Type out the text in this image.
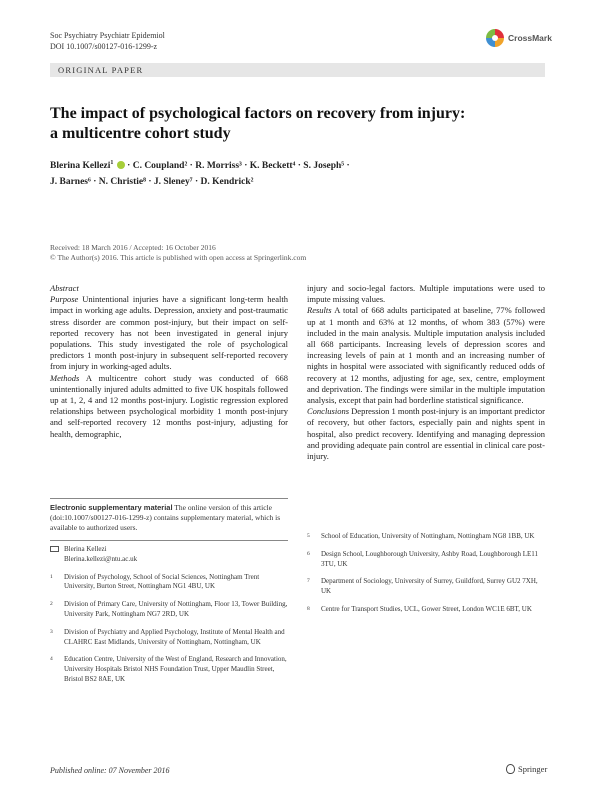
Soc Psychiatry Psychiatr Epidemiol
DOI 10.1007/s00127-016-1299-z
CrossMark
ORIGINAL PAPER
The impact of psychological factors on recovery from injury:
a multicentre cohort study
Blerina Kellezi$^1$  · C. Coupland² · R. Morriss³ · K. Beckett⁴ · S. Joseph⁵ ·
J. Barnes⁶ · N. Christie⁸ · J. Sleney⁷ · D. Kendrick²
Received: 18 March 2016 / Accepted: 16 October 2016
© The Author(s) 2016. This article is published with open access at Springerlink.com

Abstract

Purpose Unintentional injuries have a significant long-term health impact in working age adults. Depression, anxiety and post-traumatic stress disorder are common post-injury, but their impact on self-reported recovery has not been investigated in general injury populations. This study investigated the role of psychological predictors 1 month post-injury in subsequent self-reported recovery from injury in working-aged adults.

Methods A multicentre cohort study was conducted of 668 unintentionally injured adults admitted to five UK hospitals followed up at 1, 2, 4 and 12 months post-injury. Logistic regression explored relationships between psychological morbidity 1 month post-injury and self-reported recovery 12 months post-injury, adjusting for health, demographic,

injury and socio-legal factors. Multiple imputations were used to impute missing values.

Results A total of 668 adults participated at baseline, 77% followed up at 1 month and 63% at 12 months, of whom 383 (57%) were included in the main analysis. Multiple imputation analysis included all 668 participants. Increasing levels of depression scores and increasing levels of pain at 1 month and an increasing number of nights in hospital were associated with significantly reduced odds of recovery at 12 months, adjusting for age, sex, centre, employment and deprivation. The findings were similar in the multiple imputation analysis, except that pain had borderline statistical significance.

Conclusions Depression 1 month post-injury is an important predictor of recovery, but other factors, especially pain and nights spent in hospital, also predict recovery. Identifying and managing depression and providing adequate pain control are essential in clinical care post-injury.

Electronic supplementary material The online version of this article (doi:10.1007/s00127-016-1299-z) contains supplementary material, which is available to authorized users.
Blerina Kellezi
Blerina.kellezi@ntu.ac.uk
1	Division of Psychology, School of Social Sciences, Nottingham Trent University, Burton Street, Nottingham NG1 4BU, UK
2	Division of Primary Care, University of Nottingham, Floor 13, Tower Building, University Park, Nottingham NG7 2RD, UK
3	Division of Psychiatry and Applied Psychology, Institute of Mental Health and CLAHRC East Midlands, University of Nottingham, Nottingham, UK
4	Education Centre, University of the West of England, Research and Innovation, University Hospitals Bristol NHS Foundation Trust, Upper Maudlin Street, Bristol BS2 8AE, UK
5	School of Education, University of Nottingham, Nottingham NG8 1BB, UK
6	Design School, Loughborough University, Ashby Road, Loughborough LE11 3TU, UK
7	Department of Sociology, University of Surrey, Guildford, Surrey GU2 7XH, UK
8	Centre for Transport Studies, UCL, Gower Street, London WC1E 6BT, UK
Published online: 07 November 2016	Springer
